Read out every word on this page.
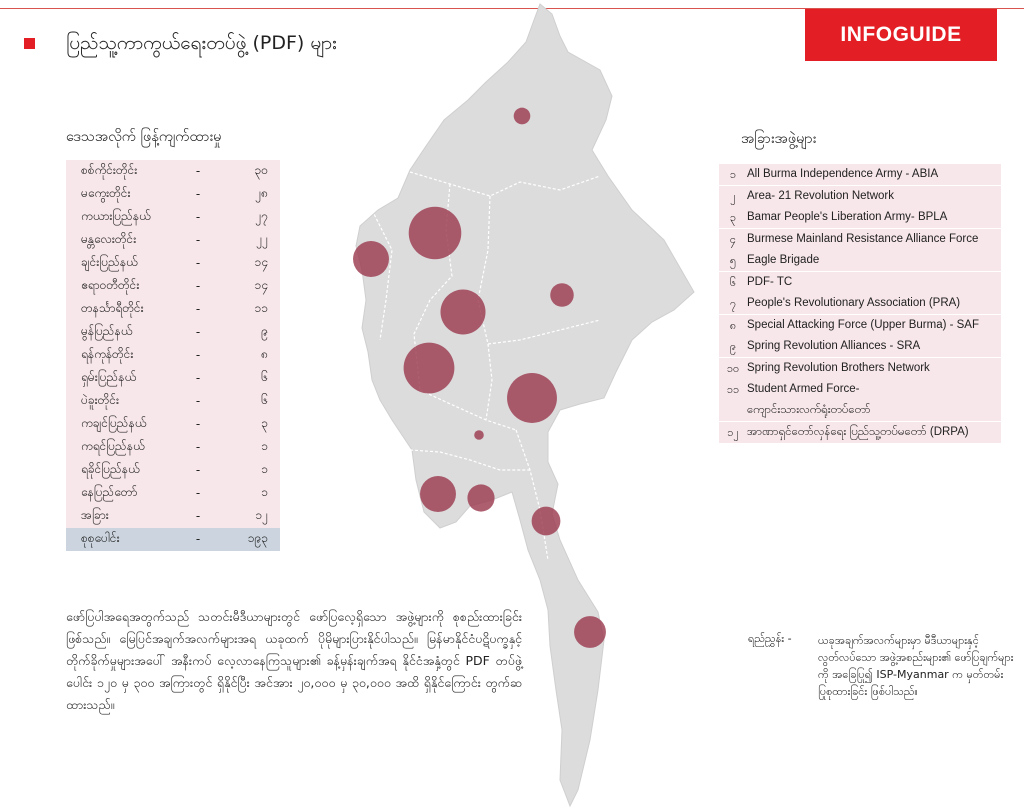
ပြည်သူ့ကာကွယ်ရေးတပ်ဖွဲ့ (PDF) များ	INFOGUIDE
ဒေသအလိုက် ဖြန့်ကျက်ထားမှု
စစ်ကိုင်းတိုင်း	-	၃၀
မကွေးတိုင်း	-	၂၈
ကယားပြည်နယ်	-	၂၇
မန္တလေးတိုင်း	-	၂၂
ချင်းပြည်နယ်	-	၁၄
ဧရာဝတီတိုင်း	-	၁၄
တနင်္သာရီတိုင်း	-	၁၁
မွန်ပြည်နယ်	-	၉
ရန်ကုန်တိုင်း	-	၈
ရှမ်းပြည်နယ်	-	၆
ပဲခူးတိုင်း	-	၆
ကချင်ပြည်နယ်	-	၃
ကရင်ပြည်နယ်	-	၁
ရခိုင်ပြည်နယ်	-	၁
နေပြည်တော်	-	၁
အခြား	-	၁၂
စုစုပေါင်း	-	၁၉၃
အခြားအဖွဲ့များ
၁ All Burma Independence Army - ABIA
၂ Area- 21 Revolution Network
၃ Bamar People's Liberation Army- BPLA
၄ Burmese Mainland Resistance Alliance Force
၅ Eagle Brigade
၆ PDF- TC
၇ People's Revolutionary Association (PRA)
၈ Special Attacking Force (Upper Burma) - SAF
၉ Spring Revolution Alliances - SRA
၁၀ Spring Revolution Brothers Network
၁၁ Student Armed Force-
ကျောင်းသားလက်ရုံးတပ်တော်
၁၂ အာဏာရှင်တော်လှန်ရေး ပြည်သူ့တပ်မတော် (DRPA)
ဖော်ပြပါအရေအတွက်သည် သတင်းမီဒီယာများတွင် ဖော်ပြလေ့ရှိသော အဖွဲ့များကို စုစည်းထားခြင်းဖြစ်သည်။ မြေပြင်အချက်အလက်များအရ ယခုထက် ပိုမိုများပြားနိုင်ပါသည်။ မြန်မာနိုင်ငံပဋိပက္ခနှင့် တိုက်ခိုက်မှုများအပေါ် အနီးကပ် လေ့လာနေကြသူများ၏ ခန့်မှန်းချက်အရ နိုင်ငံအနှံ့တွင် PDF တပ်ဖွဲ့ပေါင်း ၁၂၀ မှ ၃၀၀ အကြားတွင် ရှိနိုင်ပြီး အင်အား ၂၀,၀၀၀ မှ ၃၀,၀၀၀ အထိ ရှိနိုင်ကြောင်း တွက်ဆထားသည်။
ရည်ညွှန်း - ယခုအချက်အလက်များမှာ မီဒီယာများနှင့် လွတ်လပ်သော အဖွဲ့အစည်းများ၏ ဖော်ပြချက်များကို အခြေပြု၍ ISP-Myanmar က မှတ်တမ်း ပြုစုထားခြင်း ဖြစ်ပါသည်။
